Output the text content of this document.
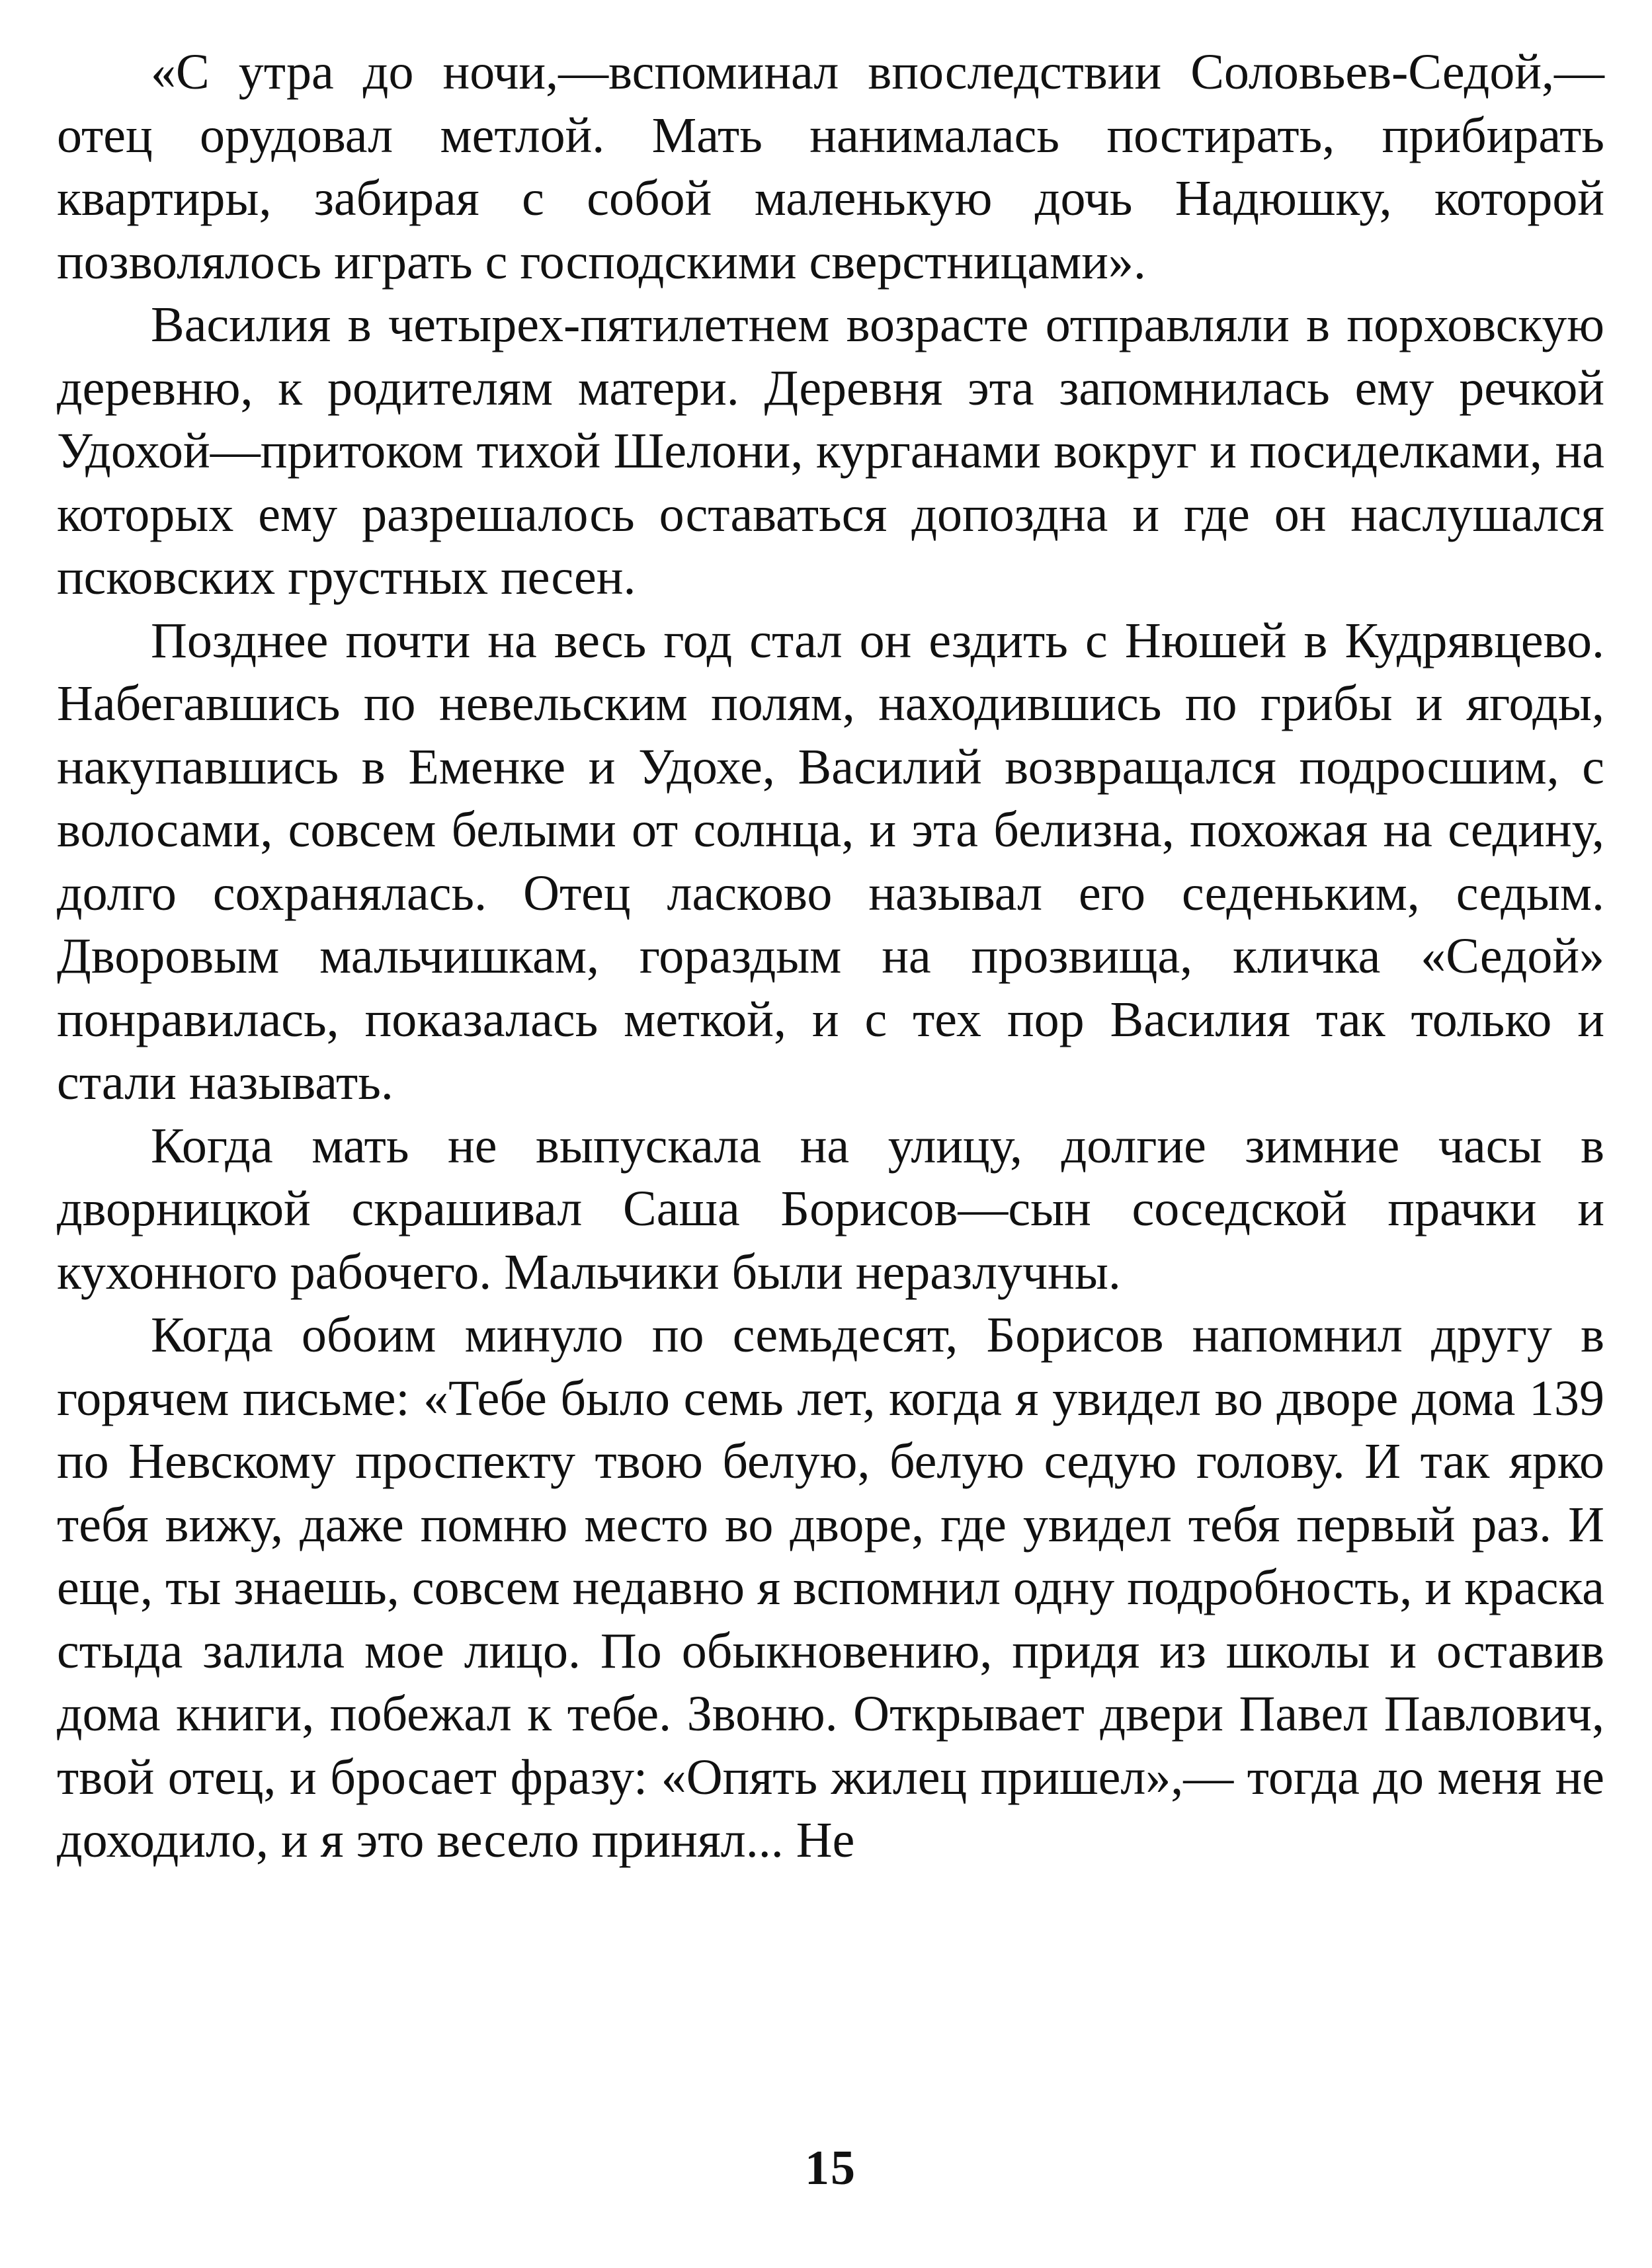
«С утра до ночи,—вспоминал впоследствии Соловьев-Седой,—отец орудовал метлой. Мать нанималась постирать, прибирать квартиры, забирая с собой маленькую дочь Надюшку, которой позволялось играть с господскими сверстницами».

Василия в четырех-пятилетнем возрасте отправляли в порховскую деревню, к родителям матери. Деревня эта запомнилась ему речкой Удохой—притоком тихой Шелони, курганами вокруг и посиделками, на которых ему разрешалось оставаться допоздна и где он наслушался псковских грустных песен.

Позднее почти на весь год стал он ездить с Нюшей в Кудрявцево. Набегавшись по невельским полям, находившись по грибы и ягоды, накупавшись в Еменке и Удохе, Василий возвращался подросшим, с волосами, совсем белыми от солнца, и эта белизна, похожая на седину, долго сохранялась. Отец ласково называл его седеньким, седым. Дворовым мальчишкам, гораздым на прозвища, кличка «Седой» понравилась, показалась меткой, и с тех пор Василия так только и стали называть.

Когда мать не выпускала на улицу, долгие зимние часы в дворницкой скрашивал Саша Борисов—сын соседской прачки и кухонного рабочего. Мальчики были неразлучны.

Когда обоим минуло по семьдесят, Борисов напомнил другу в горячем письме: «Тебе было семь лет, когда я увидел во дворе дома 139 по Невскому проспекту твою белую, белую седую голову. И так ярко тебя вижу, даже помню место во дворе, где увидел тебя первый раз. И еще, ты знаешь, совсем недавно я вспомнил одну подробность, и краска стыда залила мое лицо. По обыкновению, придя из школы и оставив дома книги, побежал к тебе. Звоню. Открывает двери Павел Павлович, твой отец, и бросает фразу: «Опять жилец пришел»,— тогда до меня не доходило, и я это весело принял... Не

15
